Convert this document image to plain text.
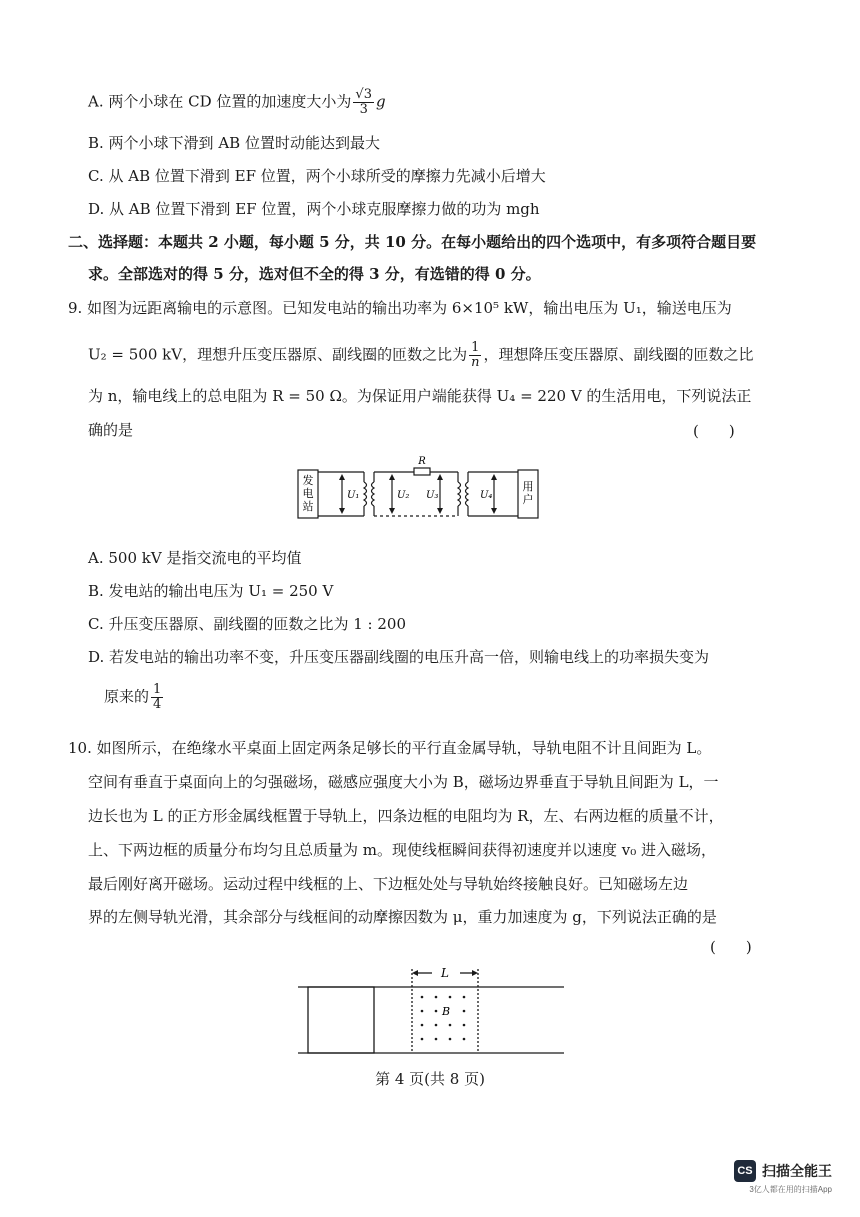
A. 两个小球在 CD 位置的加速度大小为 $\frac{√3}{3}$ g
B. 两个小球下滑到 AB 位置时动能达到最大
C. 从 AB 位置下滑到 EF 位置，两个小球所受的摩擦力先减小后增大
D. 从 AB 位置下滑到 EF 位置，两个小球克服摩擦力做的功为 mgh
二、选择题：本题共 2 小题，每小题 5 分，共 10 分。在每小题给出的四个选项中，有多项符合题目要
求。全部选对的得 5 分，选对但不全的得 3 分，有选错的得 0 分。
9. 如图为远距离输电的示意图。已知发电站的输出功率为 6×10⁵ kW，输出电压为 U₁，输送电压为
U₂ = 500 kV，理想升压变压器原、副线圈的匝数之比为 $\frac{1}{n}$ ，理想降压变压器原、副线圈的匝数之比
为 n，输电线上的总电阻为 R = 50 Ω。为保证用户端能获得 U₄ = 220 V 的生活用电，下列说法正
确的是	(　　)
发电站
用户
R
U₁	U₂ U₃	U₄
A. 500 kV 是指交流电的平均值
B. 发电站的输出电压为 U₁ = 250 V
C. 升压变压器原、副线圈的匝数之比为 1 : 200
D. 若发电站的输出功率不变，升压变压器副线圈的电压升高一倍，则输电线上的功率损失变为
原来的 $\frac{1}{4}$
10. 如图所示，在绝缘水平桌面上固定两条足够长的平行直金属导轨，导轨电阻不计且间距为 L。
空间有垂直于桌面向上的匀强磁场，磁感应强度大小为 B，磁场边界垂直于导轨且间距为 L，一
边长也为 L 的正方形金属线框置于导轨上，四条边框的电阻均为 R，左、右两边框的质量不计，
上、下两边框的质量分布均匀且总质量为 m。现使线框瞬间获得初速度并以速度 v₀ 进入磁场，
最后刚好离开磁场。运动过程中线框的上、下边框处处与导轨始终接触良好。已知磁场左边
界的左侧导轨光滑，其余部分与线框间的动摩擦因数为 μ，重力加速度为 g，下列说法正确的是
(　　)
L
B
第 4 页(共 8 页)
CS 扫描全能王
3亿人都在用的扫描App
